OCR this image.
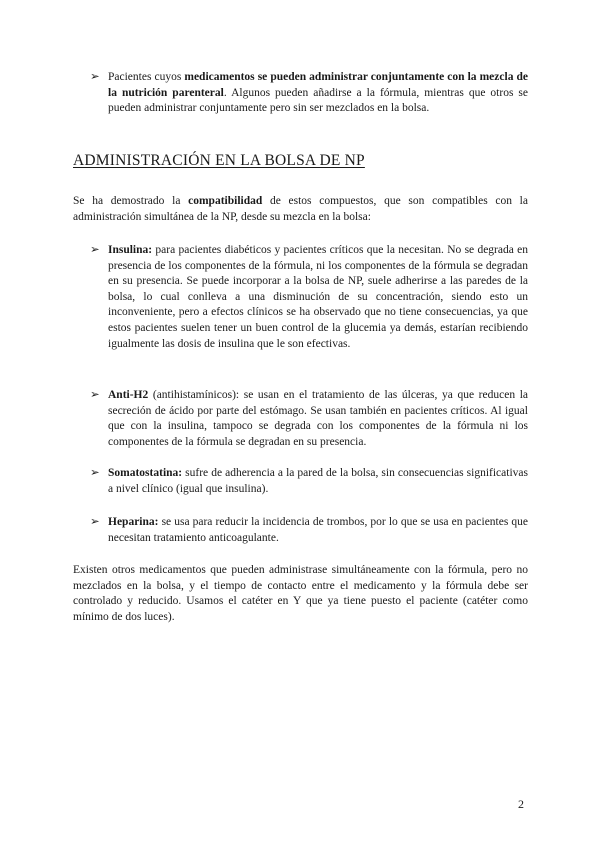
➢ Pacientes cuyos medicamentos se pueden administrar conjuntamente con la mezcla de la nutrición parenteral. Algunos pueden añadirse a la fórmula, mientras que otros se pueden administrar conjuntamente pero sin ser mezclados en la bolsa.
ADMINISTRACIÓN EN LA BOLSA DE NP
Se ha demostrado la compatibilidad de estos compuestos, que son compatibles con la administración simultánea de la NP, desde su mezcla en la bolsa:
➢ Insulina: para pacientes diabéticos y pacientes críticos que la necesitan. No se degrada en presencia de los componentes de la fórmula, ni los componentes de la fórmula se degradan en su presencia. Se puede incorporar a la bolsa de NP, suele adherirse a las paredes de la bolsa, lo cual conlleva a una disminución de su concentración, siendo esto un inconveniente, pero a efectos clínicos se ha observado que no tiene consecuencias, ya que estos pacientes suelen tener un buen control de la glucemia ya demás, estarían recibiendo igualmente las dosis de insulina que le son efectivas.
➢ Anti-H2 (antihistamínicos): se usan en el tratamiento de las úlceras, ya que reducen la secreción de ácido por parte del estómago. Se usan también en pacientes críticos. Al igual que con la insulina, tampoco se degrada con los componentes de la fórmula ni los componentes de la fórmula se degradan en su presencia.
➢ Somatostatina: sufre de adherencia a la pared de la bolsa, sin consecuencias significativas a nivel clínico (igual que insulina).
➢ Heparina: se usa para reducir la incidencia de trombos, por lo que se usa en pacientes que necesitan tratamiento anticoagulante.
Existen otros medicamentos que pueden administrase simultáneamente con la fórmula, pero no mezclados en la bolsa, y el tiempo de contacto entre el medicamento y la fórmula debe ser controlado y reducido. Usamos el catéter en Y que ya tiene puesto el paciente (catéter como mínimo de dos luces).
2
